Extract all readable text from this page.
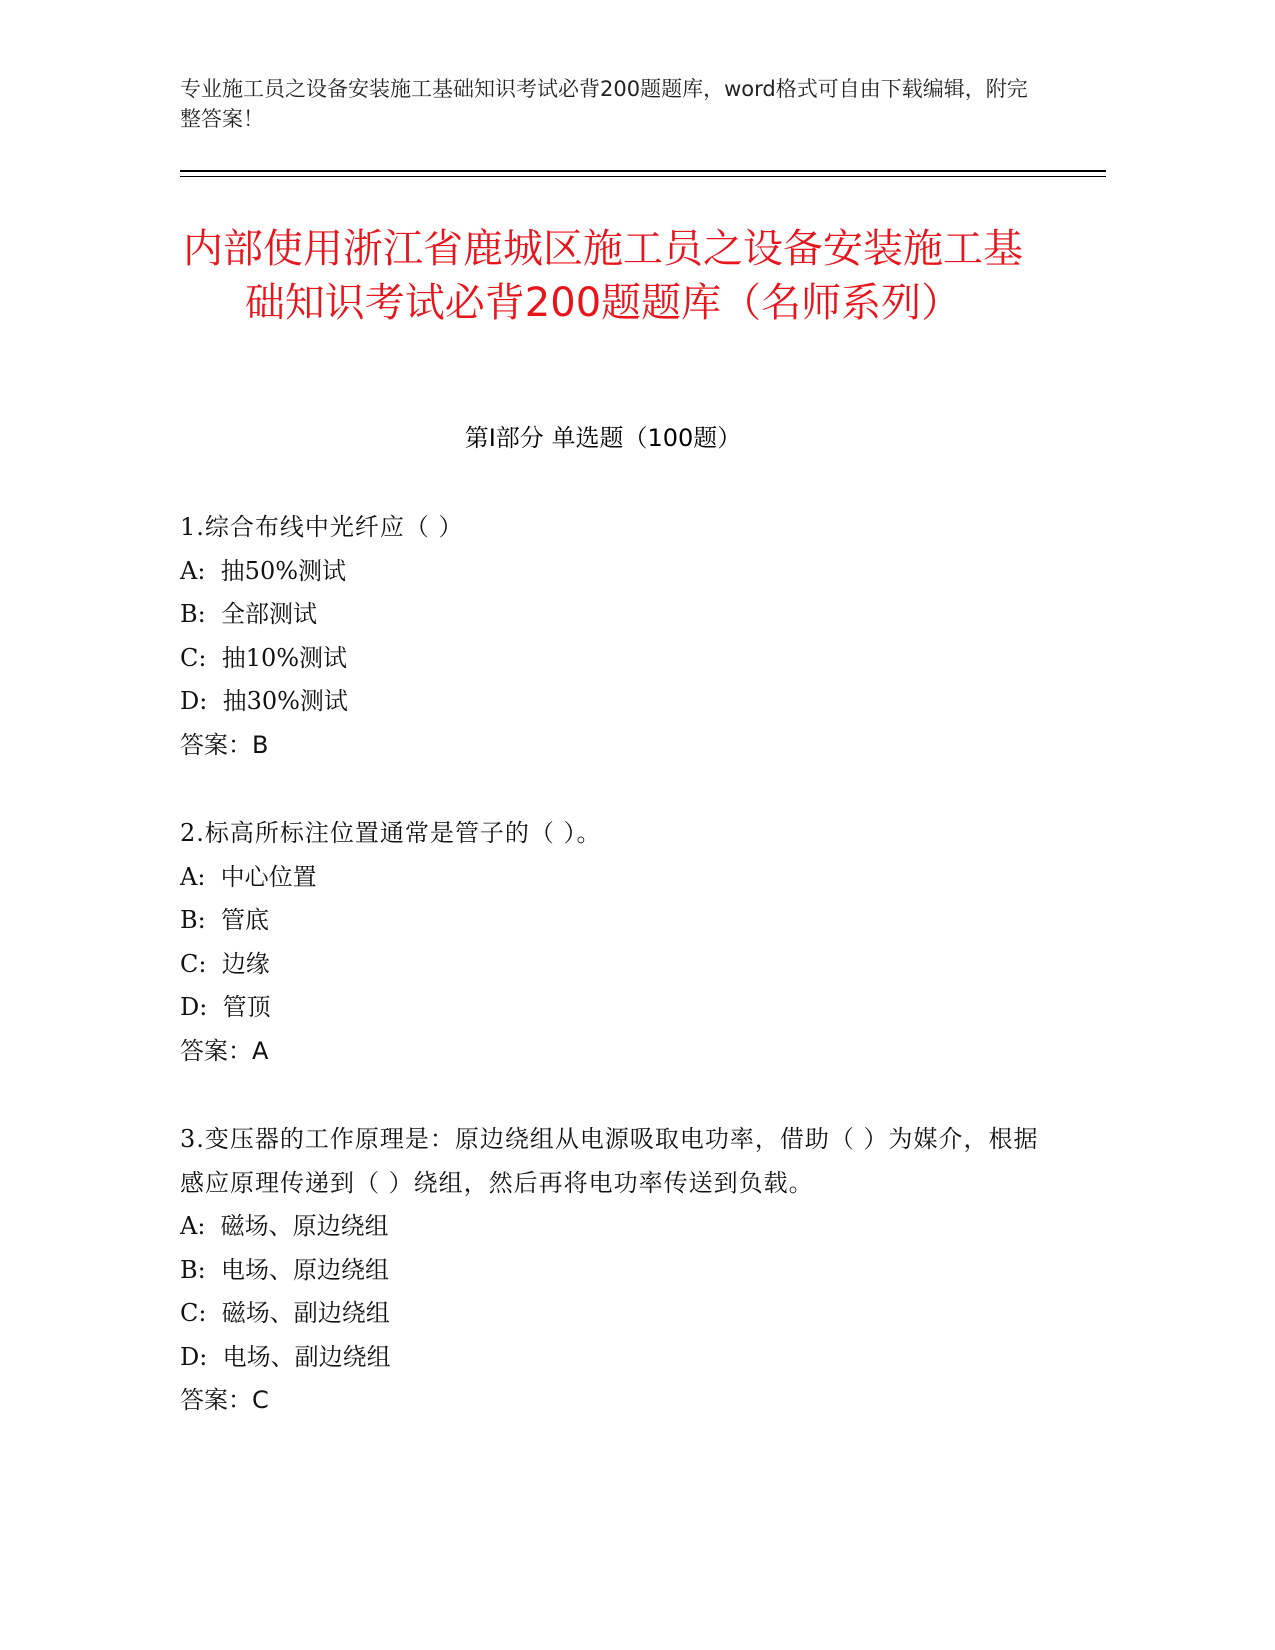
专业施工员之设备安装施工基础知识考试必背200题题库，word格式可自由下载编辑，附完整答案！
内部使用浙江省鹿城区施工员之设备安装施工基础知识考试必背200题题库（名师系列）
第Ⅰ部分 单选题（100题）
1.综合布线中光纤应（ ）
A:  抽50%测试
B:  全部测试
C:  抽10%测试
D:  抽30%测试
答案：B
2.标高所标注位置通常是管子的（ ）。
A:  中心位置
B:  管底
C:  边缘
D:  管顶
答案：A
3.变压器的工作原理是：原边绕组从电源吸取电功率，借助（ ）为媒介，根据感应原理传递到（ ）绕组，然后再将电功率传送到负载。
A:  磁场、原边绕组
B:  电场、原边绕组
C:  磁场、副边绕组
D:  电场、副边绕组
答案：C
